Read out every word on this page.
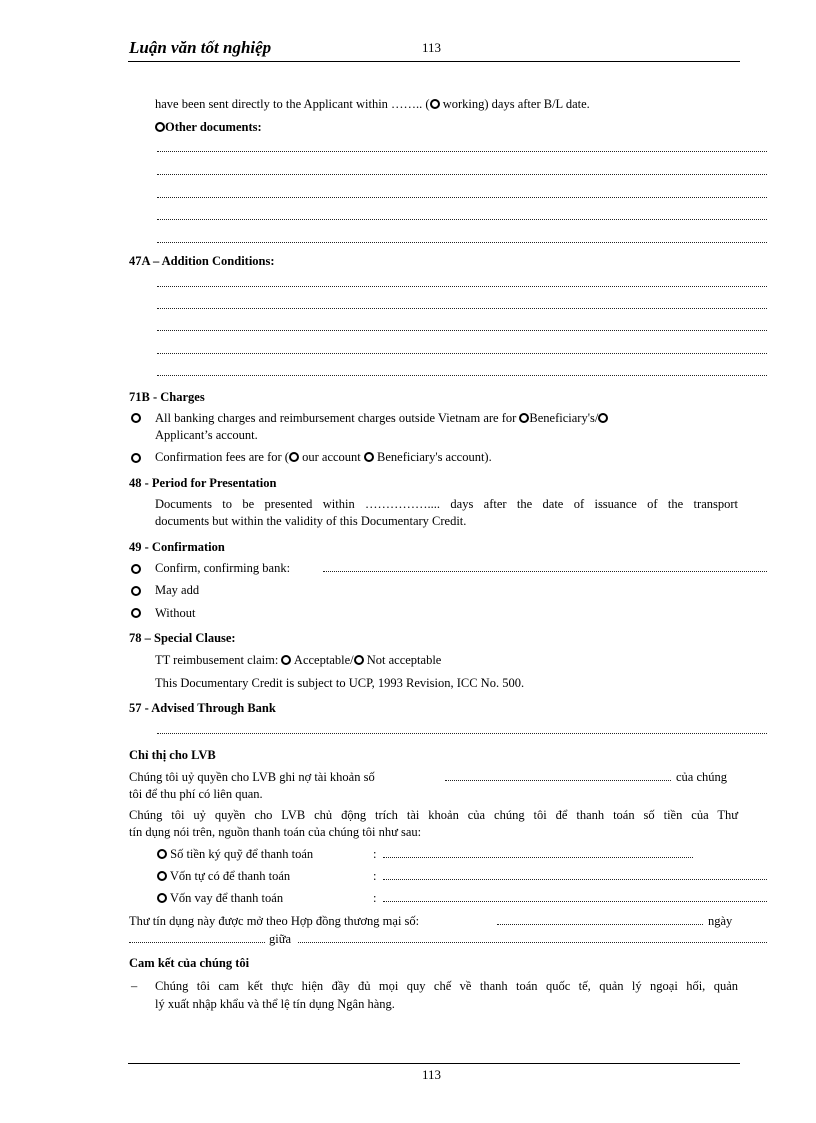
Luận văn tốt nghiệp	113
have been sent directly to the Applicant within …….. ( working) days after B/L date.
Other documents:
47A – Addition Conditions:
71B - Charges
All banking charges and reimbursement charges outside Vietnam are for Beneficiary's/
Applicant’s account.
Confirmation fees are for ( our account  Beneficiary's account).
48 - Period for Presentation
Documents to be presented within …………….... days after the date of issuance of the transport
documents but within the validity of this Documentary Credit.
49 - Confirmation
Confirm, confirming bank:
May add
Without
78 – Special Clause:
TT reimbusement claim:  Acceptable/ Not acceptable
This Documentary Credit is subject to UCP, 1993 Revision, ICC No. 500.
57 - Advised Through Bank
Chỉ thị cho LVB
Chúng tôi uỷ quyền cho LVB ghi nợ tài khoản số	của chúng
tôi để thu phí có liên quan.
Chúng tôi uỷ quyền cho LVB chủ động trích tài khoản của chúng tôi để thanh toán số tiền của Thư
tín dụng nói trên, nguồn thanh toán của chúng tôi như sau:
Số tiền ký quỹ để thanh toán	:
Vốn tự có để thanh toán	:
Vốn vay để thanh toán	:
Thư tín dụng này được mở theo Hợp đồng thương mại số:	ngày
giữa
Cam kết của chúng tôi
– Chúng tôi cam kết thực hiện đầy đủ mọi quy chế về thanh toán quốc tế, quản lý ngoại hối, quản
lý xuất nhập khẩu và thể lệ tín dụng Ngân hàng.
113
